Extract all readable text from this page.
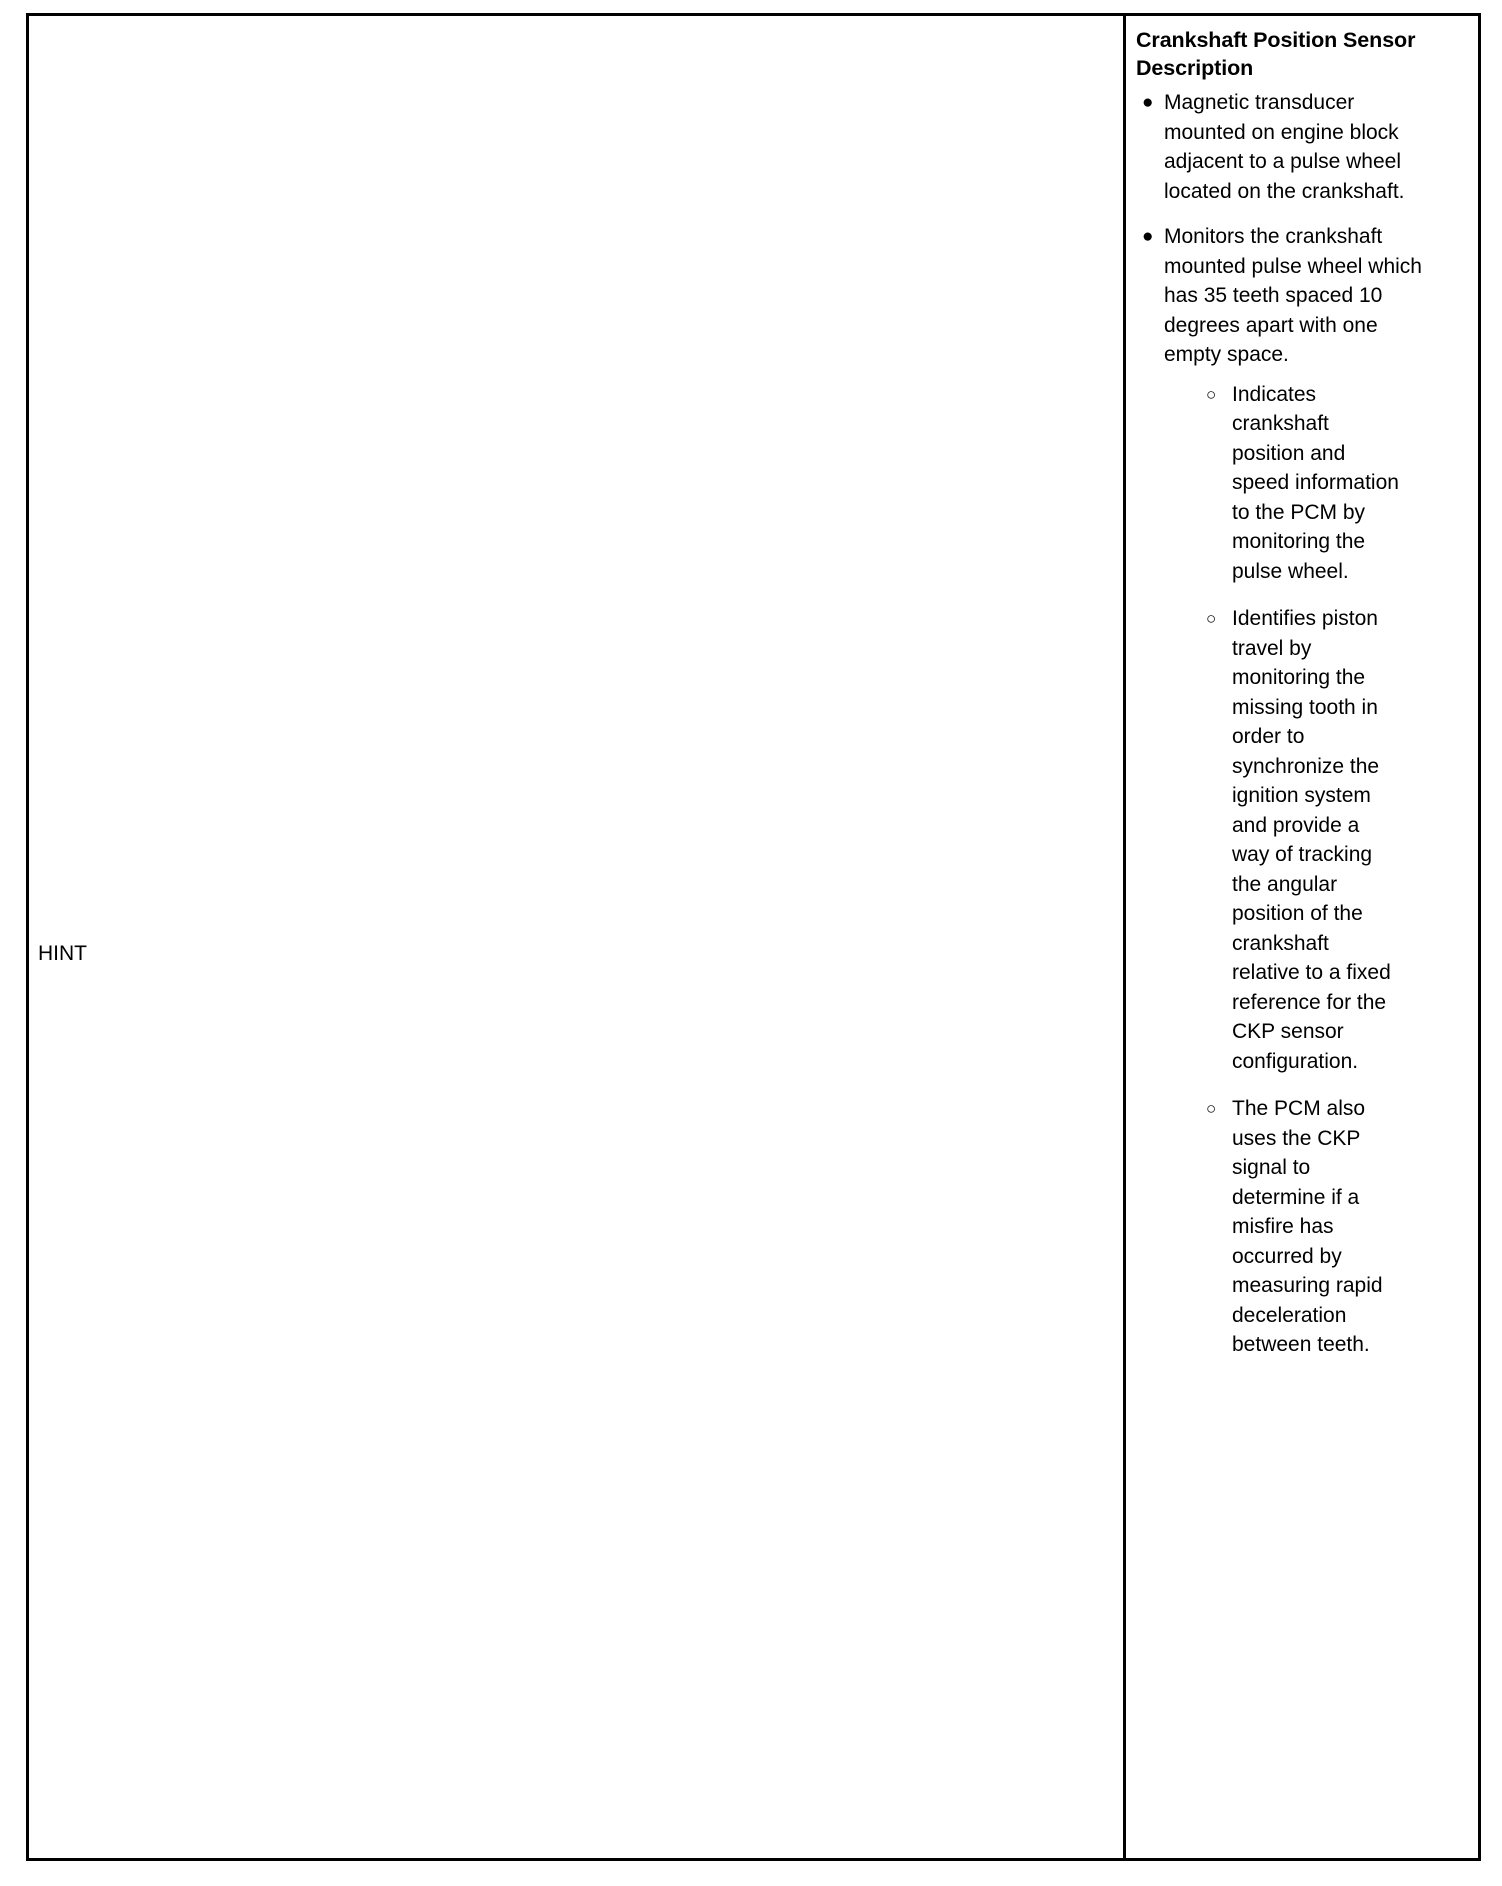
HINT
Crankshaft Position Sensor Description
● Magnetic transducer mounted on engine block adjacent to a pulse wheel located on the crankshaft.
● Monitors the crankshaft mounted pulse wheel which has 35 teeth spaced 10 degrees apart with one empty space.
○ Indicates crankshaft position and speed information to the PCM by monitoring the pulse wheel.
○ Identifies piston travel by monitoring the missing tooth in order to synchronize the ignition system and provide a way of tracking the angular position of the crankshaft relative to a fixed reference for the CKP sensor configuration.
○ The PCM also uses the CKP signal to determine if a misfire has occurred by measuring rapid deceleration between teeth.
